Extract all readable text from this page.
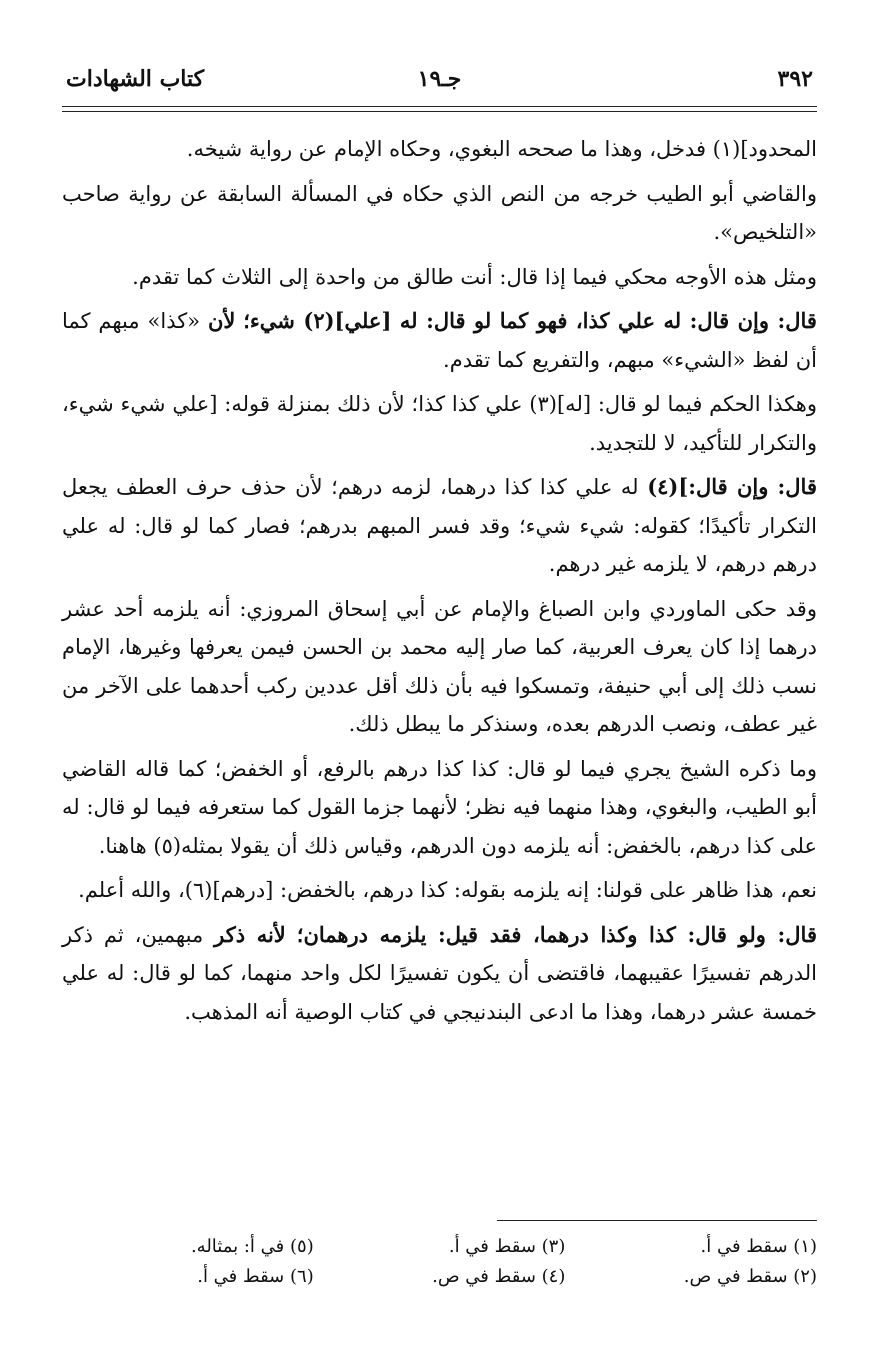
٣٩٢
جـ١٩
كتاب الشهادات

المحدود](١) فدخل، وهذا ما صححه البغوي، وحكاه الإمام عن رواية شيخه.

والقاضي أبو الطيب خرجه من النص الذي حكاه في المسألة السابقة عن رواية صاحب «التلخيص».

ومثل هذه الأوجه محكي فيما إذا قال: أنت طالق من واحدة إلى الثلاث كما تقدم.

قال: وإن قال: له علي كذا، فهو كما لو قال: له [علي](٢) شيء؛ لأن «كذا» مبهم كما أن لفظ «الشيء» مبهم، والتفريع كما تقدم.

وهكذا الحكم فيما لو قال: [له](٣) علي كذا كذا؛ لأن ذلك بمنزلة قوله: [علي شيء شيء، والتكرار للتأكيد، لا للتجديد.

قال: وإن قال:](٤) له علي كذا كذا درهما، لزمه درهم؛ لأن حذف حرف العطف يجعل التكرار تأكيدًا؛ كقوله: شيء شيء؛ وقد فسر المبهم بدرهم؛ فصار كما لو قال: له علي درهم درهم، لا يلزمه غير درهم.

وقد حكى الماوردي وابن الصباغ والإمام عن أبي إسحاق المروزي: أنه يلزمه أحد عشر درهما إذا كان يعرف العربية، كما صار إليه محمد بن الحسن فيمن يعرفها وغيرها، الإمام نسب ذلك إلى أبي حنيفة، وتمسكوا فيه بأن ذلك أقل عددين ركب أحدهما على الآخر من غير عطف، ونصب الدرهم بعده، وسنذكر ما يبطل ذلك.

وما ذكره الشيخ يجري فيما لو قال: كذا كذا درهم بالرفع، أو الخفض؛ كما قاله القاضي أبو الطيب، والبغوي، وهذا منهما فيه نظر؛ لأنهما جزما القول كما ستعرفه فيما لو قال: له على كذا درهم، بالخفض: أنه يلزمه دون الدرهم، وقياس ذلك أن يقولا بمثله(٥) هاهنا.

نعم، هذا ظاهر على قولنا: إنه يلزمه بقوله: كذا درهم، بالخفض: [درهم](٦)، والله أعلم.

قال: ولو قال: كذا وكذا درهما، فقد قيل: يلزمه درهمان؛ لأنه ذكر مبهمين، ثم ذكر الدرهم تفسيرًا عقيبهما، فاقتضى أن يكون تفسيرًا لكل واحد منهما، كما لو قال: له علي خمسة عشر درهما، وهذا ما ادعى البندنيجي في كتاب الوصية أنه المذهب.

(١) سقط في أ.
(٣) سقط في أ.
(٥) في أ: بمثاله.
(٢) سقط في ص.
(٤) سقط في ص.
(٦) سقط في أ.
